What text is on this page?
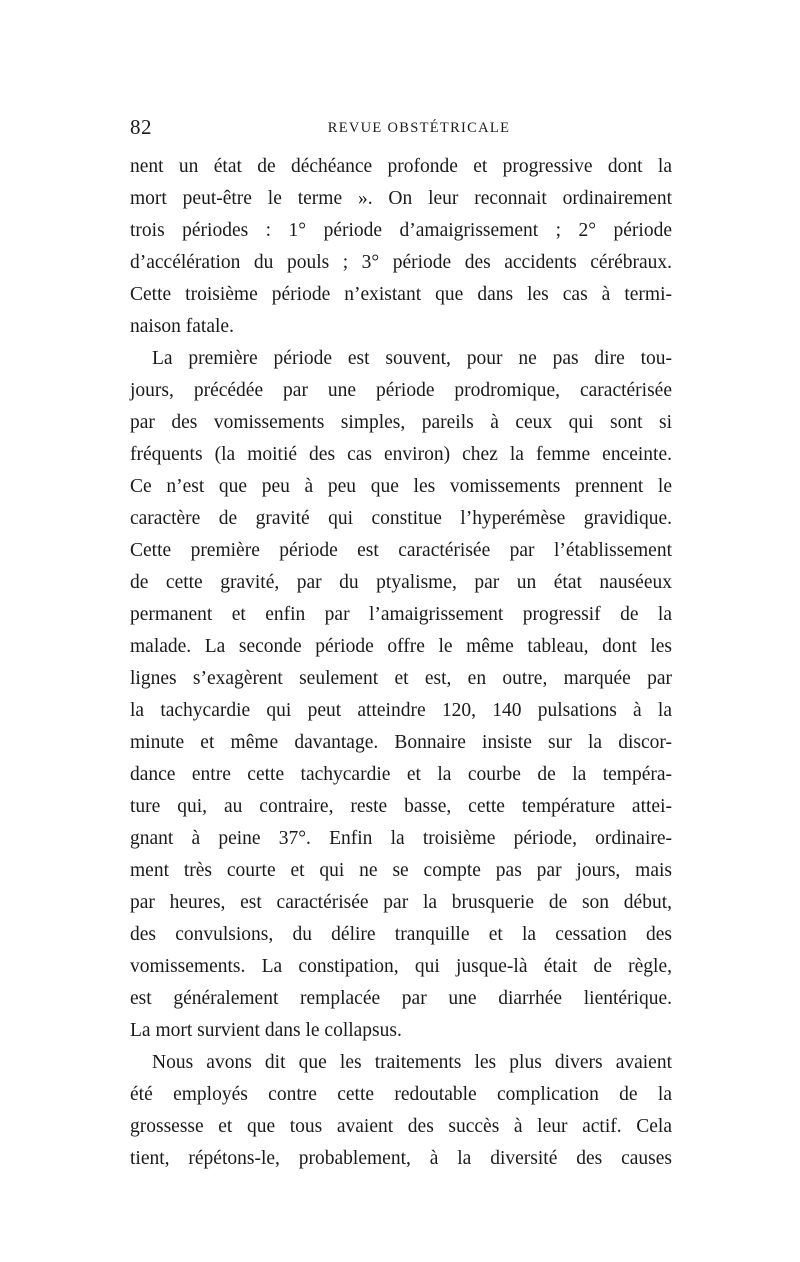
82	REVUE OBSTÉTRICALE
nent un état de déchéance profonde et progressive dont la
mort peut-être le terme ». On leur reconnait ordinairement
trois périodes : 1° période d’amaigrissement ; 2° période
d’accélération du pouls ; 3° période des accidents cérébraux.
Cette troisième période n’existant que dans les cas à termi-
naison fatale.
La première période est souvent, pour ne pas dire tou-
jours, précédée par une période prodromique, caractérisée
par des vomissements simples, pareils à ceux qui sont si
fréquents (la moitié des cas environ) chez la femme enceinte.
Ce n’est que peu à peu que les vomissements prennent le
caractère de gravité qui constitue l’hyperémèse gravidique.
Cette première période est caractérisée par l’établissement
de cette gravité, par du ptyalisme, par un état nauséeux
permanent et enfin par l’amaigrissement progressif de la
malade. La seconde période offre le même tableau, dont les
lignes s’exagèrent seulement et est, en outre, marquée par
la tachycardie qui peut atteindre 120, 140 pulsations à la
minute et même davantage. Bonnaire insiste sur la discor-
dance entre cette tachycardie et la courbe de la tempéra-
ture qui, au contraire, reste basse, cette température attei-
gnant à peine 37°. Enfin la troisième période, ordinaire-
ment très courte et qui ne se compte pas par jours, mais
par heures, est caractérisée par la brusquerie de son début,
des convulsions, du délire tranquille et la cessation des
vomissements. La constipation, qui jusque-là était de règle,
est généralement remplacée par une diarrhée lientérique.
La mort survient dans le collapsus.
Nous avons dit que les traitements les plus divers avaient
été employés contre cette redoutable complication de la
grossesse et que tous avaient des succès à leur actif. Cela
tient, répétons-le, probablement, à la diversité des causes
